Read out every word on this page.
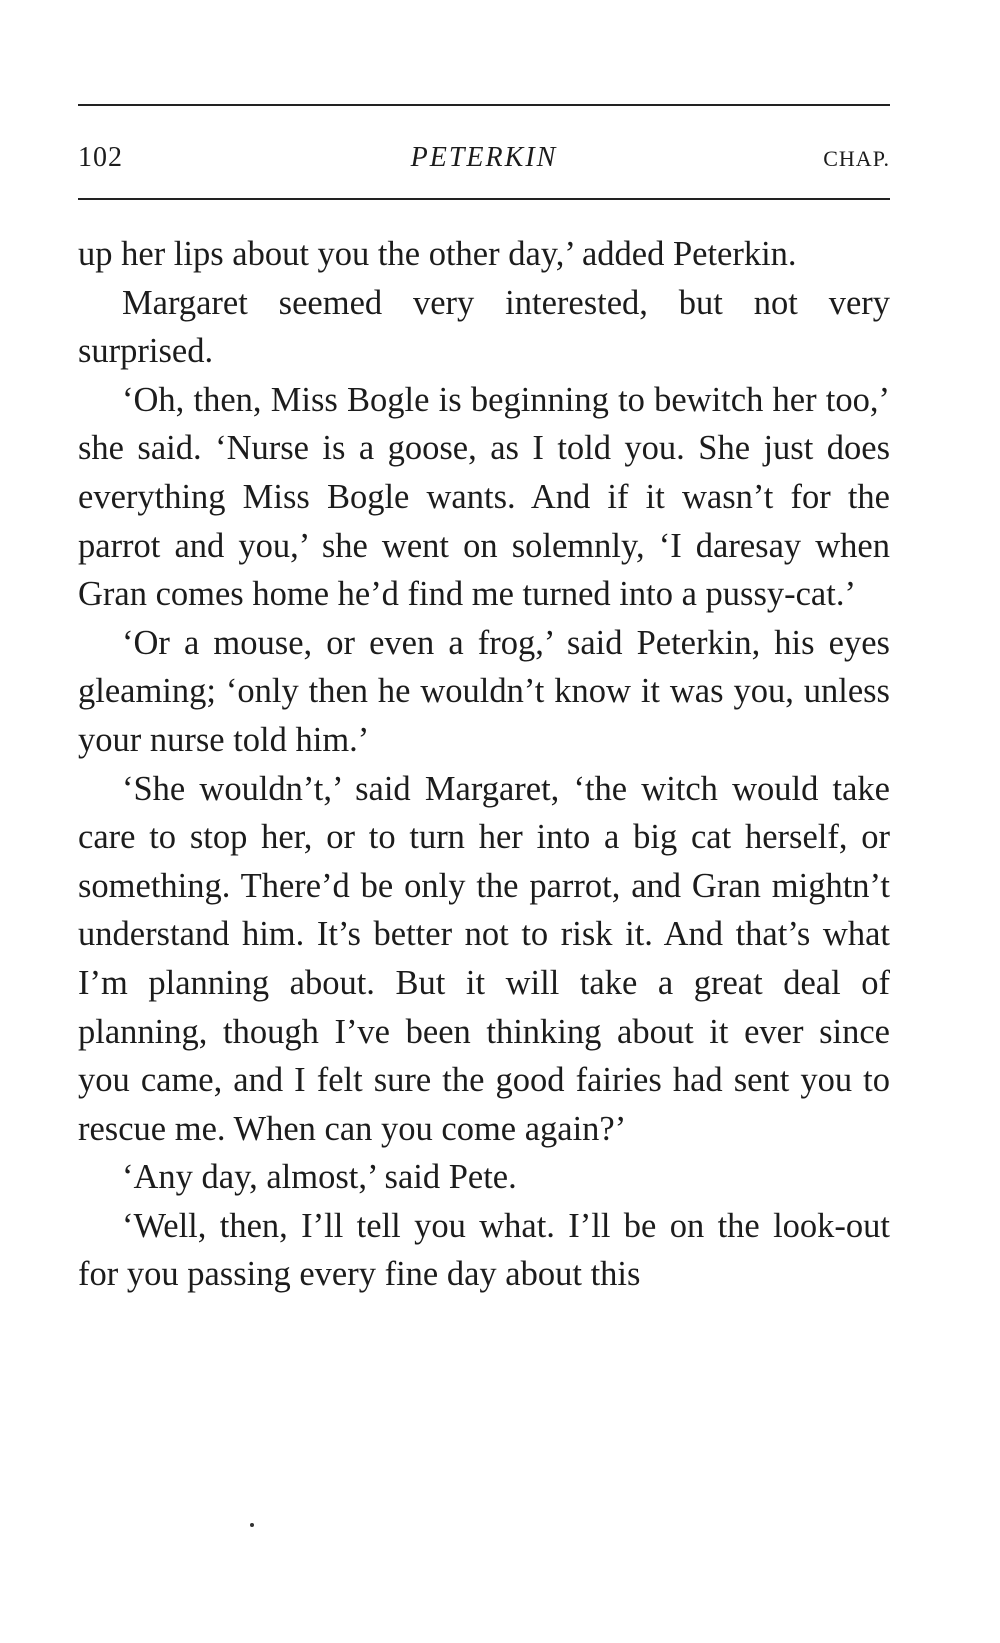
102	PETERKIN	CHAP.

up her lips about you the other day,’ added Peterkin.

Margaret seemed very interested, but not very surprised.

‘Oh, then, Miss Bogle is beginning to bewitch her too,’ she said. ‘Nurse is a goose, as I told you. She just does everything Miss Bogle wants. And if it wasn’t for the parrot and you,’ she went on solemnly, ‘I daresay when Gran comes home he’d find me turned into a pussy-cat.’

‘Or a mouse, or even a frog,’ said Peterkin, his eyes gleaming; ‘only then he wouldn’t know it was you, unless your nurse told him.’

‘She wouldn’t,’ said Margaret, ‘the witch would take care to stop her, or to turn her into a big cat herself, or something. There’d be only the parrot, and Gran mightn’t understand him. It’s better not to risk it. And that’s what I’m planning about. But it will take a great deal of planning, though I’ve been thinking about it ever since you came, and I felt sure the good fairies had sent you to rescue me. When can you come again?’

‘Any day, almost,’ said Pete.

‘Well, then, I’ll tell you what. I’ll be on the look-out for you passing every fine day about this
